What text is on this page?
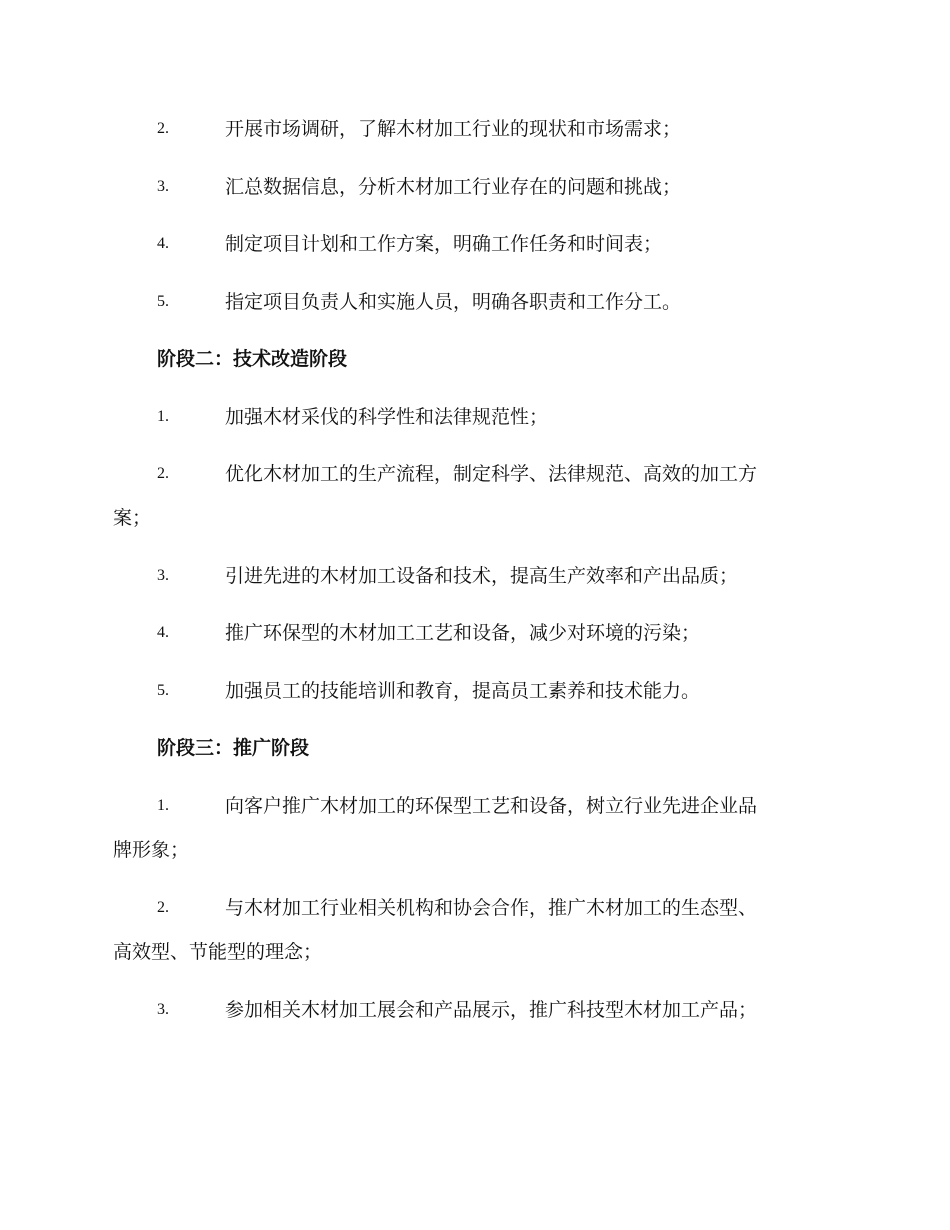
2.	开展市场调研，了解木材加工行业的现状和市场需求；
3.	汇总数据信息，分析木材加工行业存在的问题和挑战；
4.	制定项目计划和工作方案，明确工作任务和时间表；
5.	指定项目负责人和实施人员，明确各职责和工作分工。
阶段二：技术改造阶段
1.	加强木材采伐的科学性和法律规范性；
2.	优化木材加工的生产流程，制定科学、法律规范、高效的加工方
案；
3.	引进先进的木材加工设备和技术，提高生产效率和产出品质；
4.	推广环保型的木材加工工艺和设备，减少对环境的污染；
5.	加强员工的技能培训和教育，提高员工素养和技术能力。
阶段三：推广阶段
1.	向客户推广木材加工的环保型工艺和设备，树立行业先进企业品
牌形象；
2.	与木材加工行业相关机构和协会合作，推广木材加工的生态型、
高效型、节能型的理念；
3.	参加相关木材加工展会和产品展示，推广科技型木材加工产品；
